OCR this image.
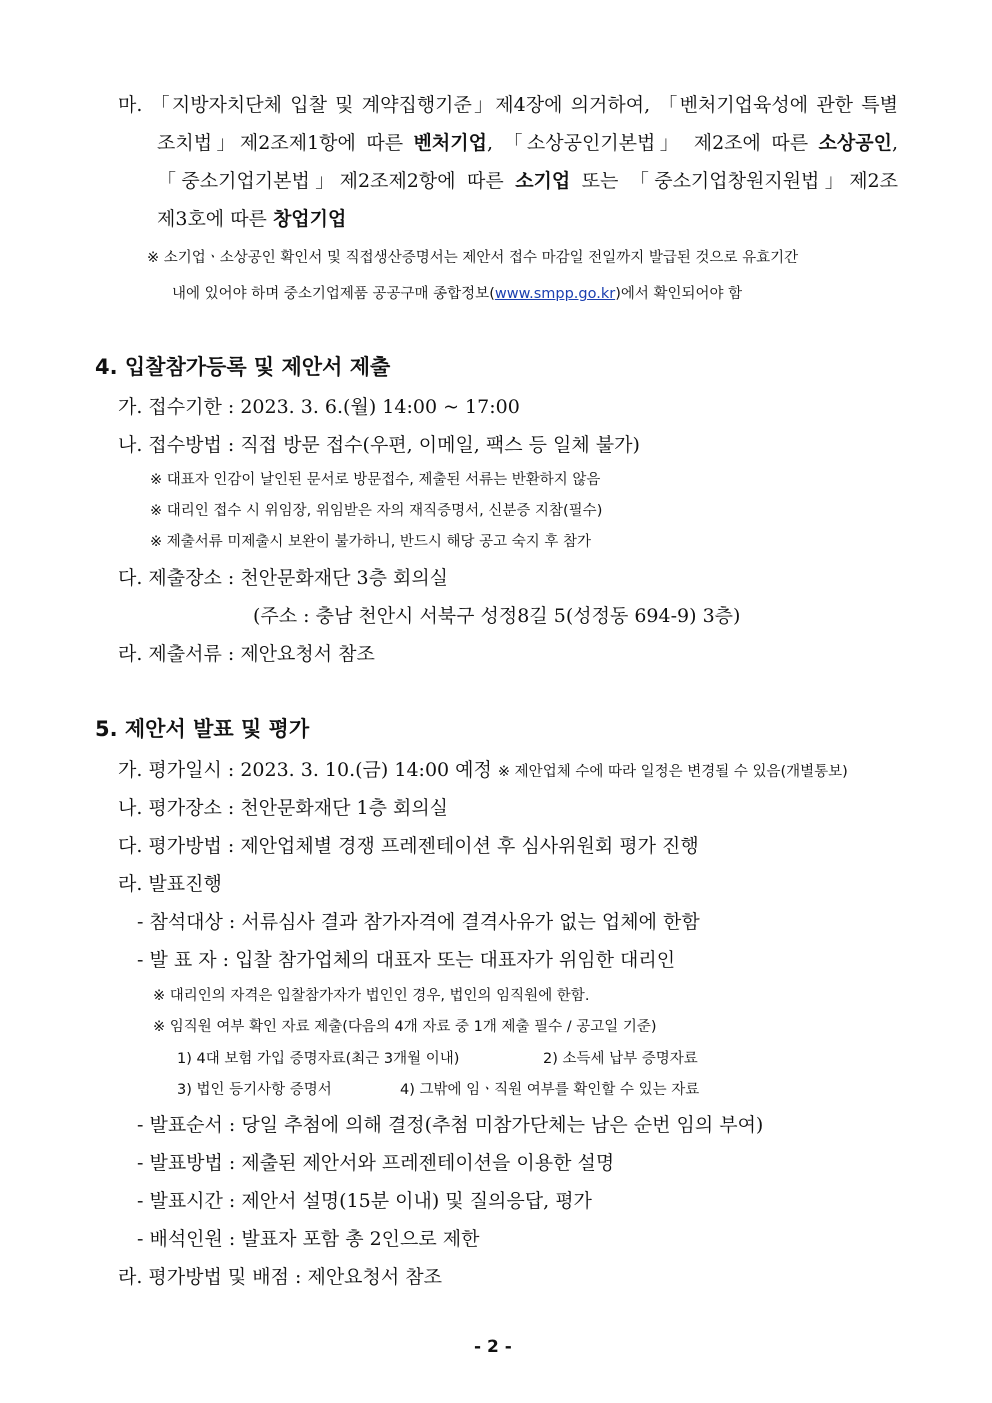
마. 「지방자치단체 입찰 및 계약집행기준」제4장에 의거하여, 「벤처기업육성에 관한 특별
조치법」제2조제1항에 따른 벤처기업, 「소상공인기본법」 제2조에 따른 소상공인,
「중소기업기본법」제2조제2항에 따른 소기업 또는 「중소기업창원지원법」제2조
제3호에 따른 창업기업
※ 소기업ㆍ소상공인 확인서 및 직접생산증명서는 제안서 접수 마감일 전일까지 발급된 것으로 유효기간
내에 있어야 하며 중소기업제품 공공구매 종합정보(www.smpp.go.kr)에서 확인되어야 함
4. 입찰참가등록 및 제안서 제출
가. 접수기한 : 2023. 3. 6.(월) 14:00 ~ 17:00
나. 접수방법 : 직접 방문 접수(우편, 이메일, 팩스 등 일체 불가)
※ 대표자 인감이 날인된 문서로 방문접수, 제출된 서류는 반환하지 않음
※ 대리인 접수 시 위임장, 위임받은 자의 재직증명서, 신분증 지참(필수)
※ 제출서류 미제출시 보완이 불가하니, 반드시 해당 공고 숙지 후 참가
다. 제출장소 : 천안문화재단 3층 회의실
(주소 : 충남 천안시 서북구 성정8길 5(성정동 694-9) 3층)
라. 제출서류 : 제안요청서 참조
5. 제안서 발표 및 평가
가. 평가일시 : 2023. 3. 10.(금) 14:00 예정 ※ 제안업체 수에 따라 일정은 변경될 수 있음(개별통보)
나. 평가장소 : 천안문화재단 1층 회의실
다. 평가방법 : 제안업체별 경쟁 프레젠테이션 후 심사위원회 평가 진행
라. 발표진행
- 참석대상 : 서류심사 결과 참가자격에 결격사유가 없는 업체에 한함
- 발 표 자 : 입찰 참가업체의 대표자 또는 대표자가 위임한 대리인
※ 대리인의 자격은 입찰참가자가 법인인 경우, 법인의 임직원에 한함.
※ 임직원 여부 확인 자료 제출(다음의 4개 자료 중 1개 제출 필수 / 공고일 기준)
1) 4대 보험 가입 증명자료(최근 3개월 이내)	2) 소득세 납부 증명자료
3) 법인 등기사항 증명서	4) 그밖에 임ㆍ직원 여부를 확인할 수 있는 자료
- 발표순서 : 당일 추첨에 의해 결정(추첨 미참가단체는 남은 순번 임의 부여)
- 발표방법 : 제출된 제안서와 프레젠테이션을 이용한 설명
- 발표시간 : 제안서 설명(15분 이내) 및 질의응답, 평가
- 배석인원 : 발표자 포함 총 2인으로 제한
라. 평가방법 및 배점 : 제안요청서 참조
- 2 -
